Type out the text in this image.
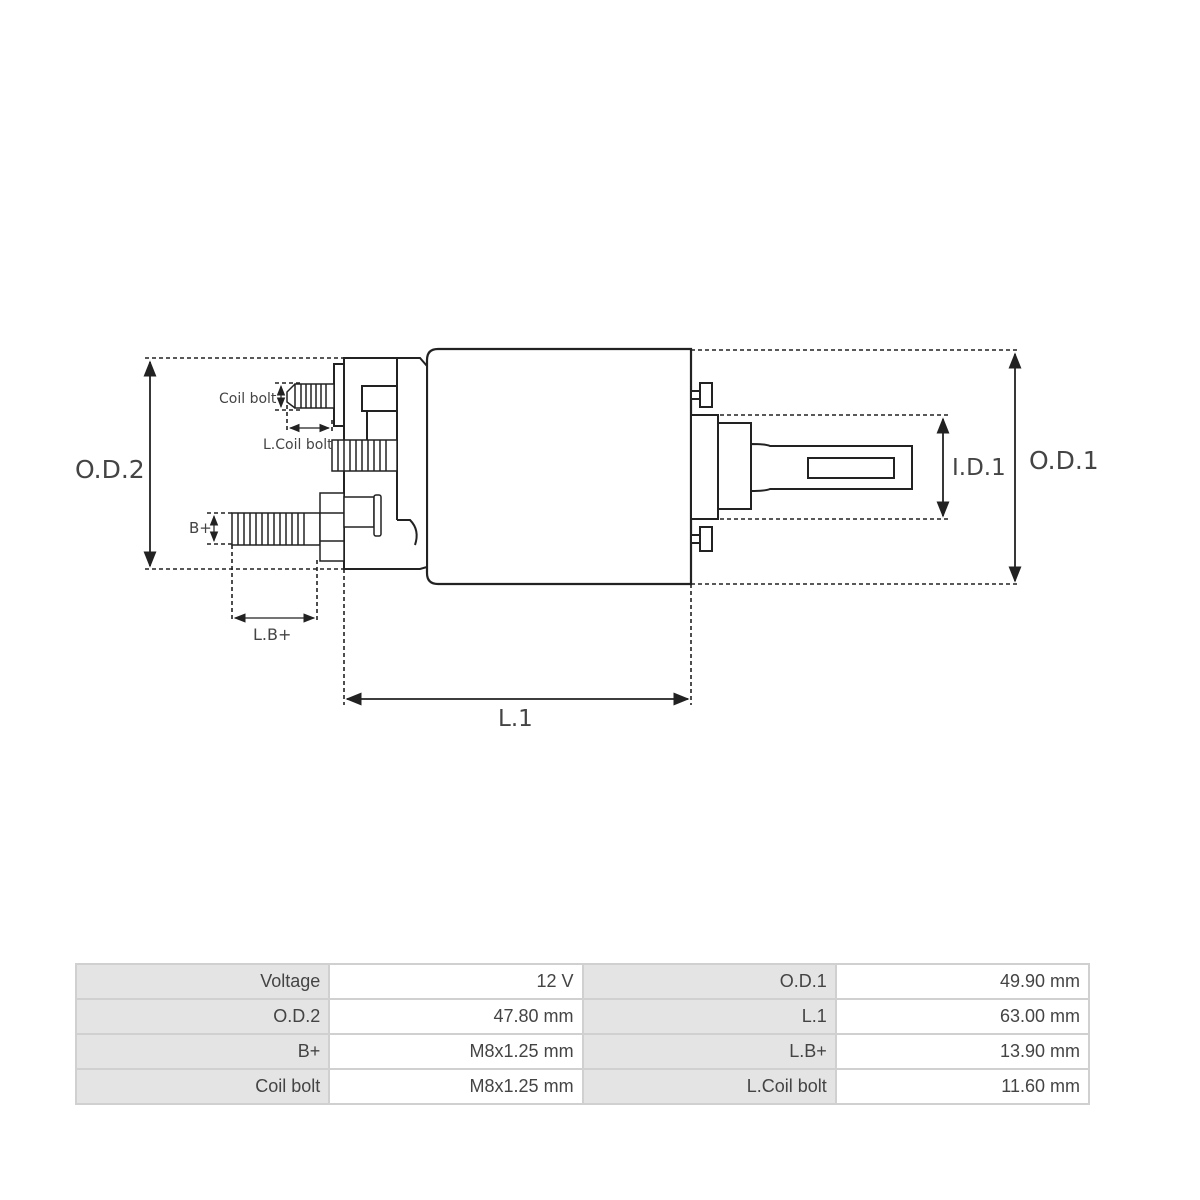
O.D.2	O.D.1
I.D.1
L.1
L.B+
B+
Coil bolt
L.Coil bolt
Voltage	12 V	O.D.1	49.90 mm
O.D.2	47.80 mm	L.1	63.00 mm
B+	M8x1.25 mm	L.B+	13.90 mm
Coil bolt	M8x1.25 mm	L.Coil bolt	11.60 mm
